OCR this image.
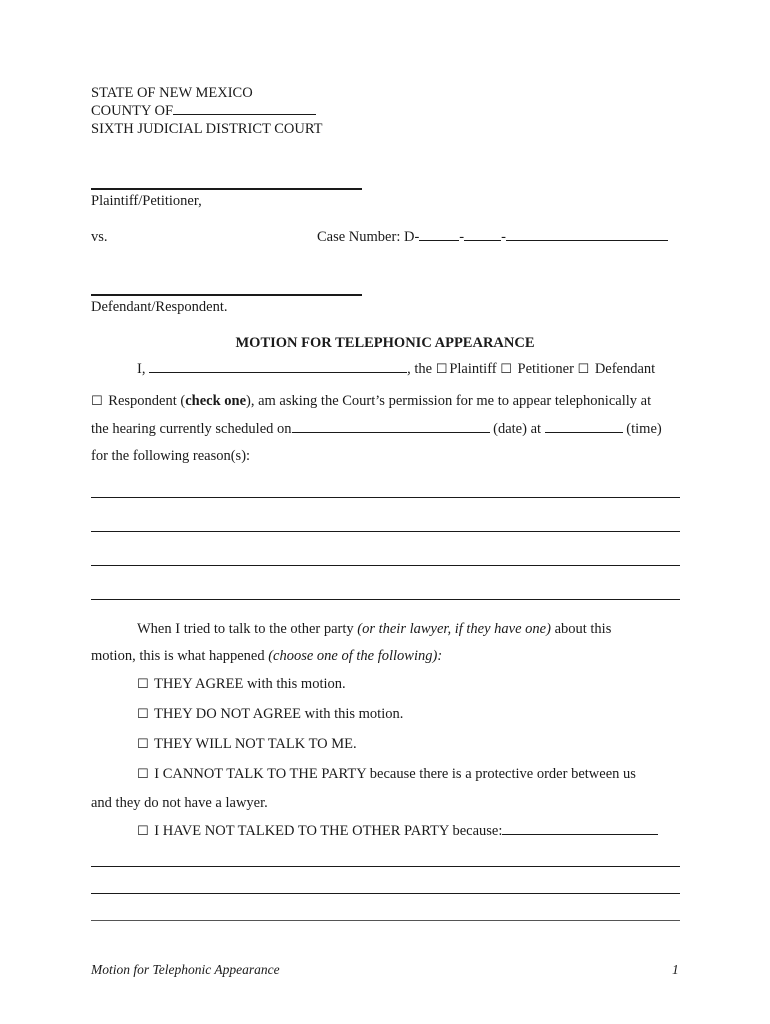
STATE OF NEW MEXICO
COUNTY OF
SIXTH JUDICIAL DISTRICT COURT
Plaintiff/Petitioner,
vs.	Case Number: D-	-	-
Defendant/Respondent.
MOTION FOR TELEPHONIC APPEARANCE
I,	, the ☐ Plaintiff ☐ Petitioner ☐ Defendant
☐ Respondent (check one), am asking the Court’s permission for me to appear telephonically at
the hearing currently scheduled on	(date) at	(time)
for the following reason(s):
When I tried to talk to the other party (or their lawyer, if they have one) about this
motion, this is what happened (choose one of the following):
☐ THEY AGREE with this motion.
☐ THEY DO NOT AGREE with this motion.
☐ THEY WILL NOT TALK TO ME.
☐ I CANNOT TALK TO THE PARTY because there is a protective order between us
and they do not have a lawyer.
☐ I HAVE NOT TALKED TO THE OTHER PARTY because:
Motion for Telephonic Appearance	1
